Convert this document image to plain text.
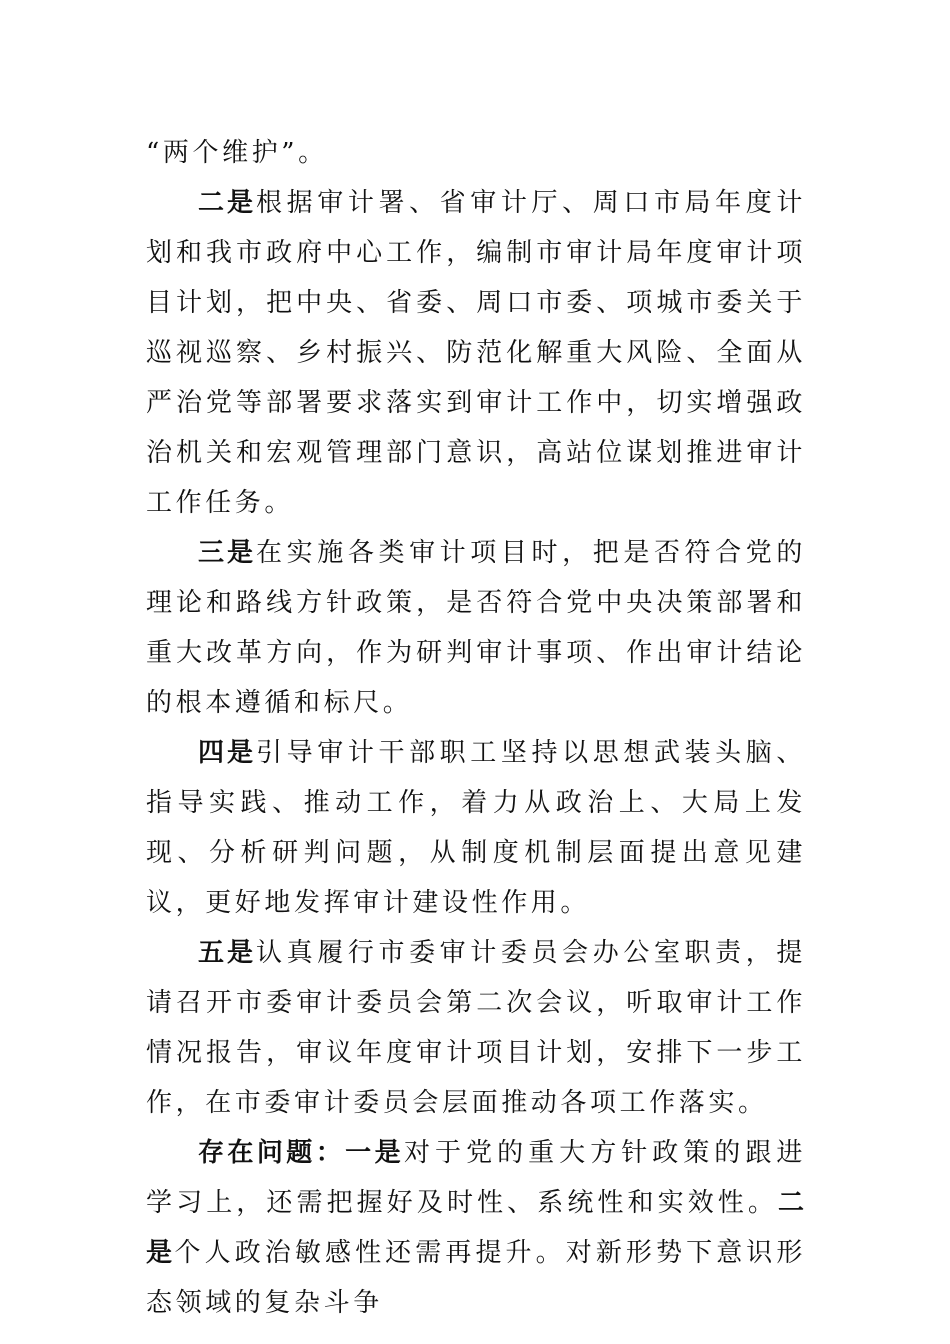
“两个维护”。

二是根据审计署、省审计厅、周口市局年度计划和我市政府中心工作，编制市审计局年度审计项目计划，把中央、省委、周口市委、项城市委关于巡视巡察、乡村振兴、防范化解重大风险、全面从严治党等部署要求落实到审计工作中，切实增强政治机关和宏观管理部门意识，高站位谋划推进审计工作任务。

三是在实施各类审计项目时，把是否符合党的理论和路线方针政策，是否符合党中央决策部署和重大改革方向，作为研判审计事项、作出审计结论的根本遵循和标尺。

四是引导审计干部职工坚持以思想武装头脑、指导实践、推动工作，着力从政治上、大局上发现、分析研判问题，从制度机制层面提出意见建议，更好地发挥审计建设性作用。

五是认真履行市委审计委员会办公室职责，提请召开市委审计委员会第二次会议，听取审计工作情况报告，审议年度审计项目计划，安排下一步工作，在市委审计委员会层面推动各项工作落实。

存在问题：一是对于党的重大方针政策的跟进学习上，还需把握好及时性、系统性和实效性。二是个人政治敏感性还需再提升。对新形势下意识形态领域的复杂斗争
